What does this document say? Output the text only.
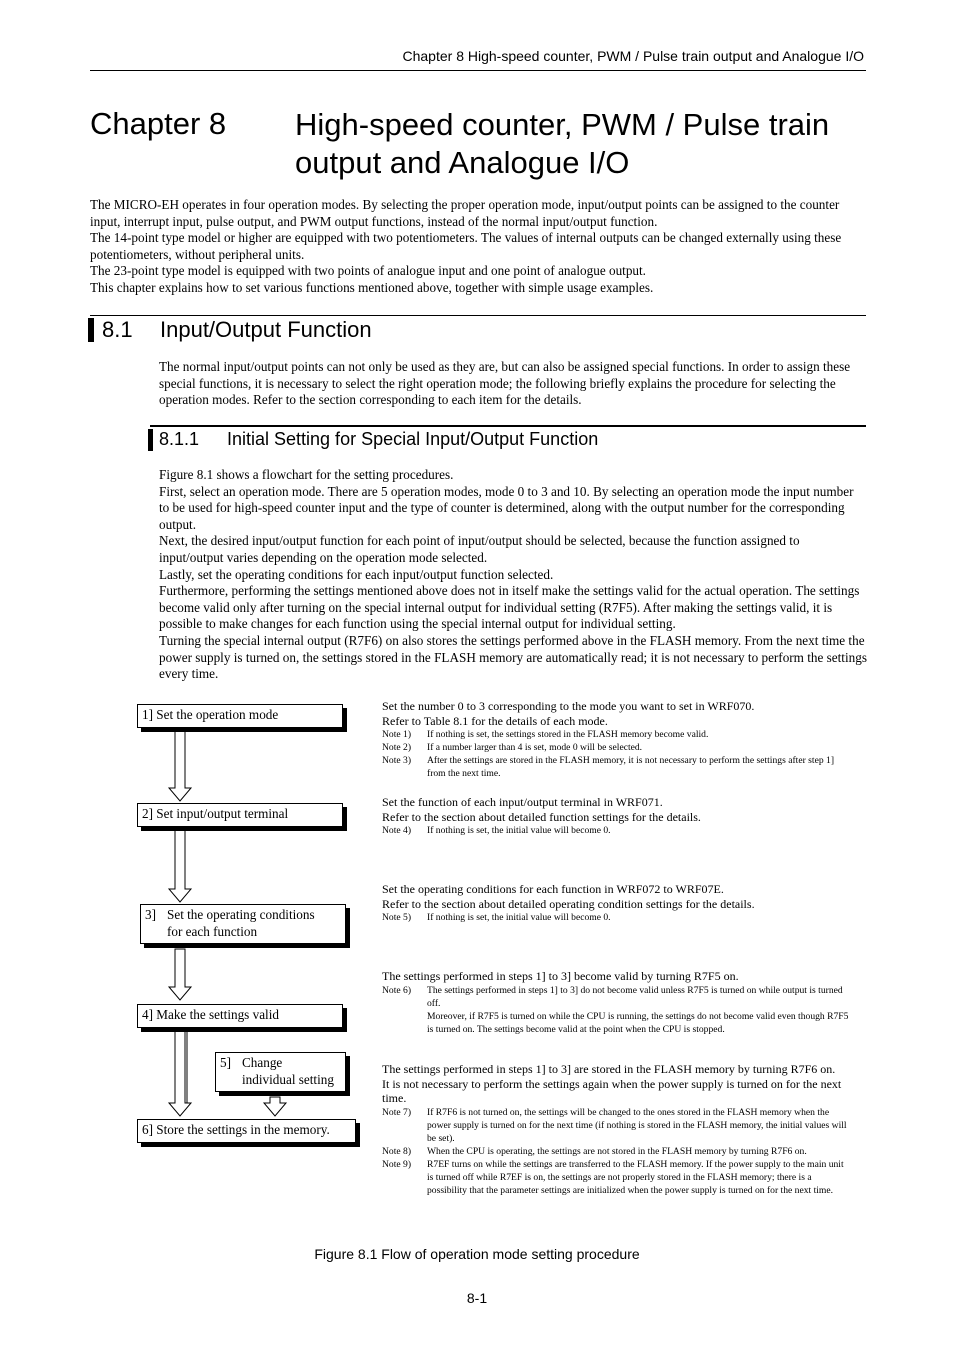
Chapter 8 High-speed counter, PWM / Pulse train output and Analogue I/O
Chapter 8 High-speed counter, PWM / Pulse train
output and Analogue I/O
The MICRO-EH operates in four operation modes. By selecting the proper operation mode, input/output points can be assigned to the counter input, interrupt input, pulse output, and PWM output functions, instead of the normal input/output function.
The 14-point type model or higher are equipped with two potentiometers. The values of internal outputs can be changed externally using these potentiometers, without peripheral units.
The 23-point type model is equipped with two points of analogue input and one point of analogue output.
This chapter explains how to set various functions mentioned above, together with simple usage examples.
8.1 Input/Output Function
The normal input/output points can not only be used as they are, but can also be assigned special functions. In order to assign these special functions, it is necessary to select the right operation mode; the following briefly explains the procedure for selecting the operation modes. Refer to the section corresponding to each item for the details.
8.1.1 Initial Setting for Special Input/Output Function
Figure 8.1 shows a flowchart for the setting procedures.
First, select an operation mode. There are 5 operation modes, mode 0 to 3 and 10. By selecting an operation mode the input number to be used for high-speed counter input and the type of counter is determined, along with the output number for the corresponding output.
Next, the desired input/output function for each point of input/output should be selected, because the function assigned to input/output varies depending on the operation mode selected.
Lastly, set the operating conditions for each input/output function selected.
Furthermore, performing the settings mentioned above does not in itself make the settings valid for the actual operation. The settings become valid only after turning on the special internal output for individual setting (R7F5). After making the settings valid, it is possible to make changes for each function using the special internal output for individual setting.
Turning the special internal output (R7F6) on also stores the settings performed above in the FLASH memory. From the next time the power supply is turned on, the settings stored in the FLASH memory are automatically read; it is not necessary to perform the settings every time.
1] Set the operation mode
2] Set input/output terminal
3] Set the operating conditions
for each function
4] Make the settings valid
5] Change
individual setting
6] Store the settings in the memory.
Set the number 0 to 3 corresponding to the mode you want to set in WRF070.
Refer to Table 8.1 for the details of each mode.
Note 1)	If nothing is set, the settings stored in the FLASH memory become valid.
Note 2)	If a number larger than 4 is set, mode 0 will be selected.
Note 3)	After the settings are stored in the FLASH memory, it is not necessary to perform the settings after step 1] from the next time.
Set the function of each input/output terminal in WRF071.
Refer to the section about detailed function settings for the details.
Note 4)	If nothing is set, the initial value will become 0.
Set the operating conditions for each function in WRF072 to WRF07E.
Refer to the section about detailed operating condition settings for the details.
Note 5)	If nothing is set, the initial value will become 0.
The settings performed in steps 1] to 3] become valid by turning R7F5 on.
Note 6)	The settings performed in steps 1] to 3] do not become valid unless R7F5 is turned on while output is turned off.
Moreover, if R7F5 is turned on while the CPU is running, the settings do not become valid even though R7F5 is turned on. The settings become valid at the point when the CPU is stopped.
The settings performed in steps 1] to 3] are stored in the FLASH memory by turning R7F6 on.
It is not necessary to perform the settings again when the power supply is turned on for the next time.
Note 7)	If R7F6 is not turned on, the settings will be changed to the ones stored in the FLASH memory when the power supply is turned on for the next time (if nothing is stored in the FLASH memory, the initial values will be set).
Note 8)	When the CPU is operating, the settings are not stored in the FLASH memory by turning R7F6 on.
Note 9)	R7EF turns on while the settings are transferred to the FLASH memory. If the power supply to the main unit is turned off while R7EF is on, the settings are not properly stored in the FLASH memory; there is a possibility that the parameter settings are initialized when the power supply is turned on for the next time.
Figure 8.1 Flow of operation mode setting procedure
8-1
